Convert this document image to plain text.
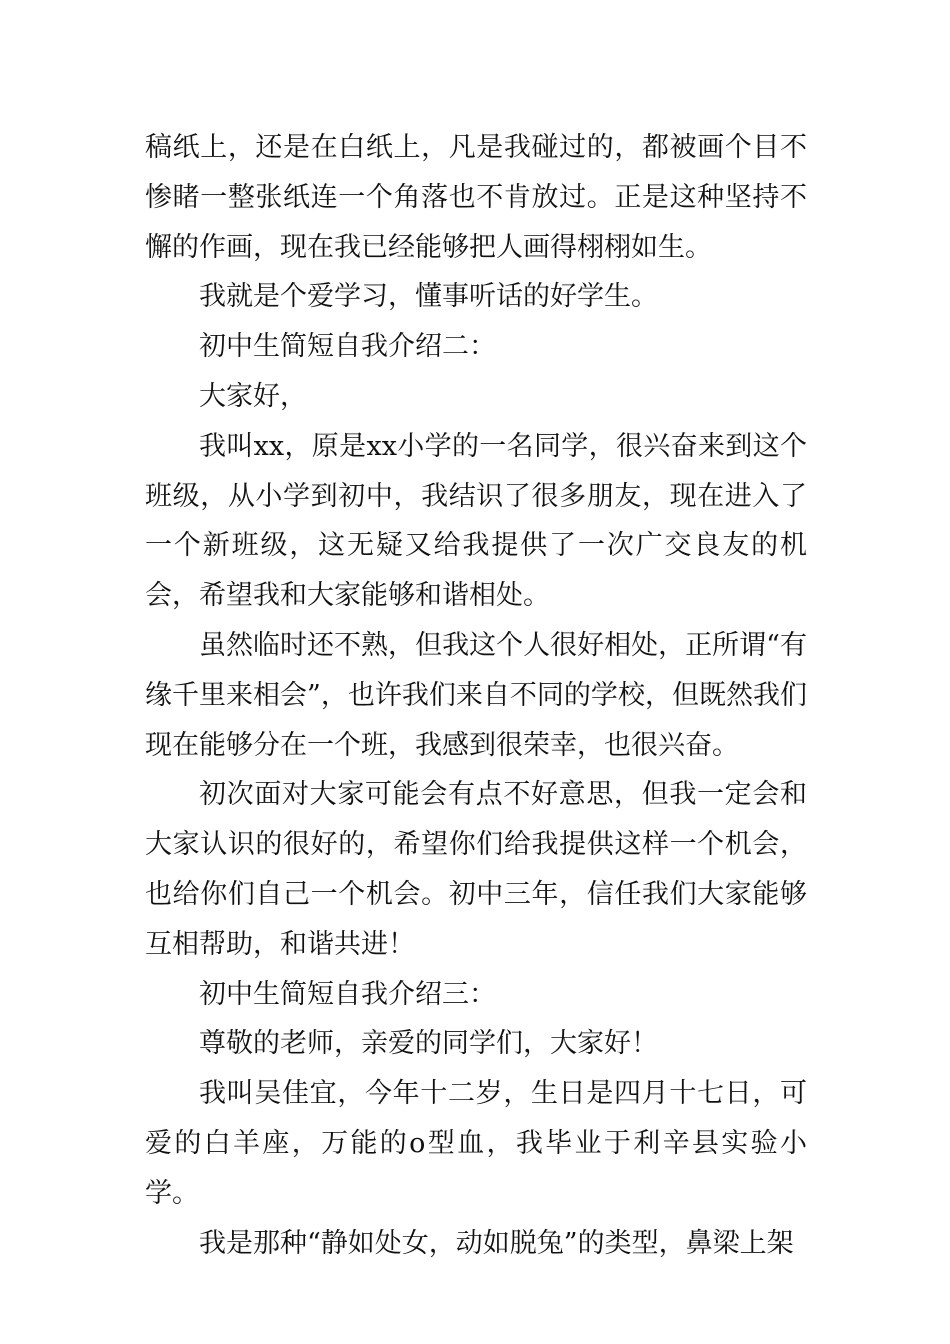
稿纸上，还是在白纸上，凡是我碰过的，都被画个目不惨睹一整张纸连一个角落也不肯放过。正是这种坚持不懈的作画，现在我已经能够把人画得栩栩如生。

我就是个爱学习，懂事听话的好学生。

初中生简短自我介绍二：

大家好，

我叫xx，原是xx小学的一名同学，很兴奋来到这个班级，从小学到初中，我结识了很多朋友，现在进入了一个新班级，这无疑又给我提供了一次广交良友的机会，希望我和大家能够和谐相处。

虽然临时还不熟，但我这个人很好相处，正所谓“有缘千里来相会”，也许我们来自不同的学校，但既然我们现在能够分在一个班，我感到很荣幸，也很兴奋。

初次面对大家可能会有点不好意思，但我一定会和大家认识的很好的，希望你们给我提供这样一个机会，也给你们自己一个机会。初中三年，信任我们大家能够互相帮助，和谐共进！

初中生简短自我介绍三：

尊敬的老师，亲爱的同学们，大家好！

我叫吴佳宜，今年十二岁，生日是四月十七日，可爱的白羊座，万能的o型血，我毕业于利辛县实验小学。

我是那种“静如处女，动如脱兔”的类型，鼻梁上架
